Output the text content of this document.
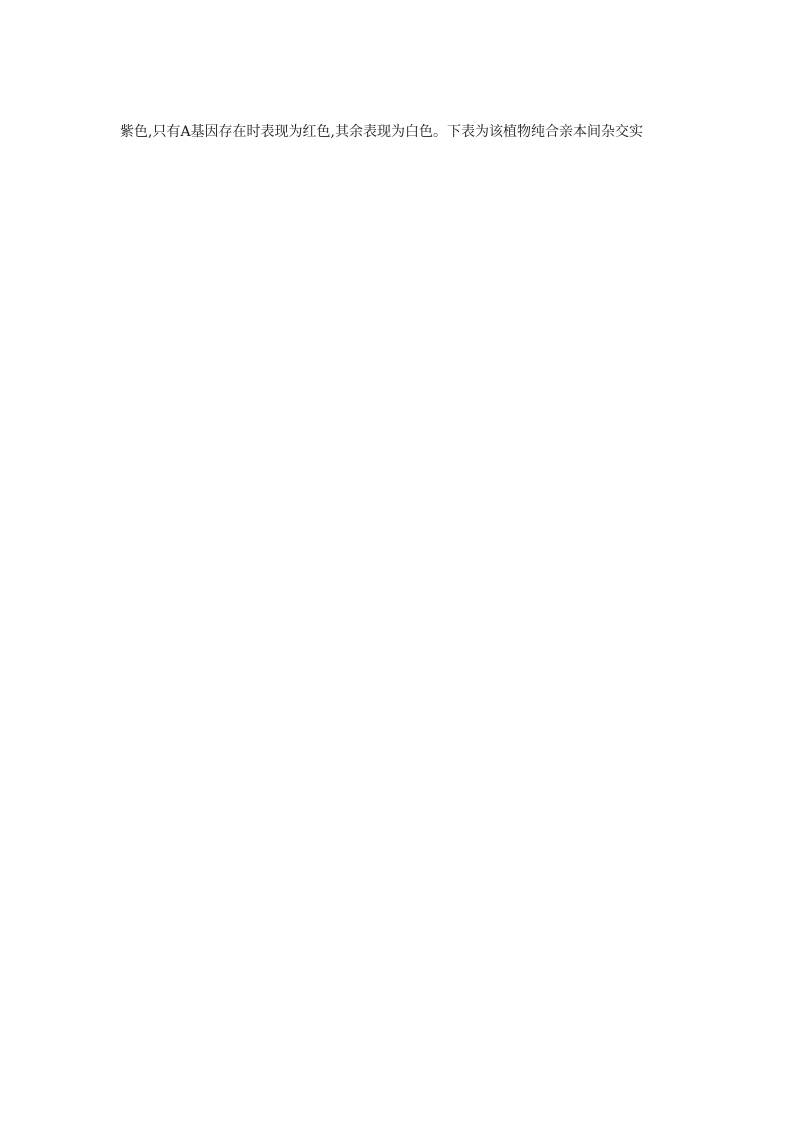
紫色,只有A基因存在时表现为红色,其余表现为白色。下表为该植物纯合亲本间杂交实
